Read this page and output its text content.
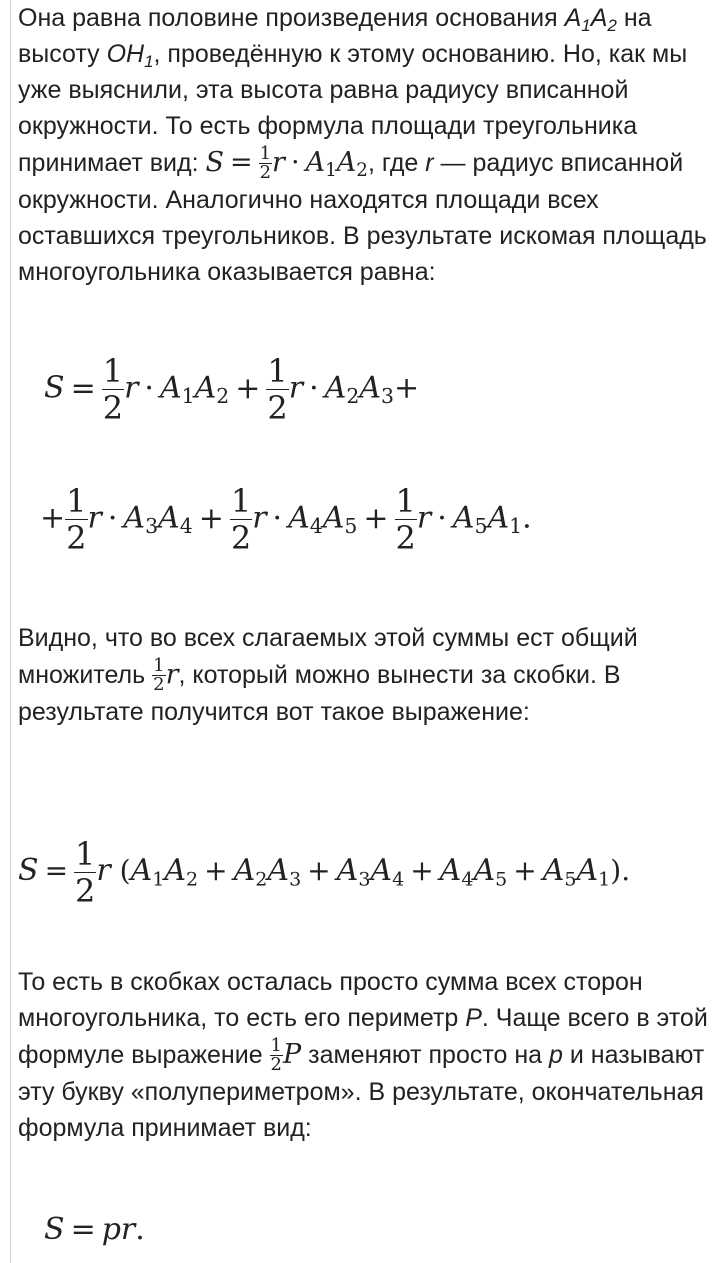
Она равна половине произведения основания $A_1A_2$ на высоту $OH_1$, проведённую к этому основанию. Но, как мы уже выяснили, эта высота равна радиусу вписанной окружности. То есть формула площади треугольника принимает вид: $S = \frac{1}{2}$ $r \cdot A_1A_2$, где r — радиус вписанной окружности. Аналогично находятся площади всех оставшихся треугольников. В результате искомая площадь многоугольника оказывается равна:
$S = \frac{1}{2}$ $r \cdot A_1A_2 + \frac{1}{2}$ $r \cdot A_2A_3+$
+ $\frac{1}{2}$ $r \cdot A_3A_4 + \frac{1}{2}$ $r \cdot A_4A_5 + \frac{1}{2}$ $r \cdot A_5A_1$.
Видно, что во всех слагаемых этой суммы ест общий множитель $\frac{1}{2} r$, который можно вынести за скобки. В результате получится вот такое выражение:
$S = \frac{1}{2}$ r $(A_1A_2 + A_2A_3 + A_3A_4 + A_4A_5 + A_5A_1)$.
То есть в скобках осталась просто сумма всех сторон многоугольника, то есть его периметр P. Чаще всего в этой формуле выражение $\frac{1}{2}$ P заменяют просто на p и называют эту букву «полупериметром». В результате, окончательная формула принимает вид:
S = pr.
